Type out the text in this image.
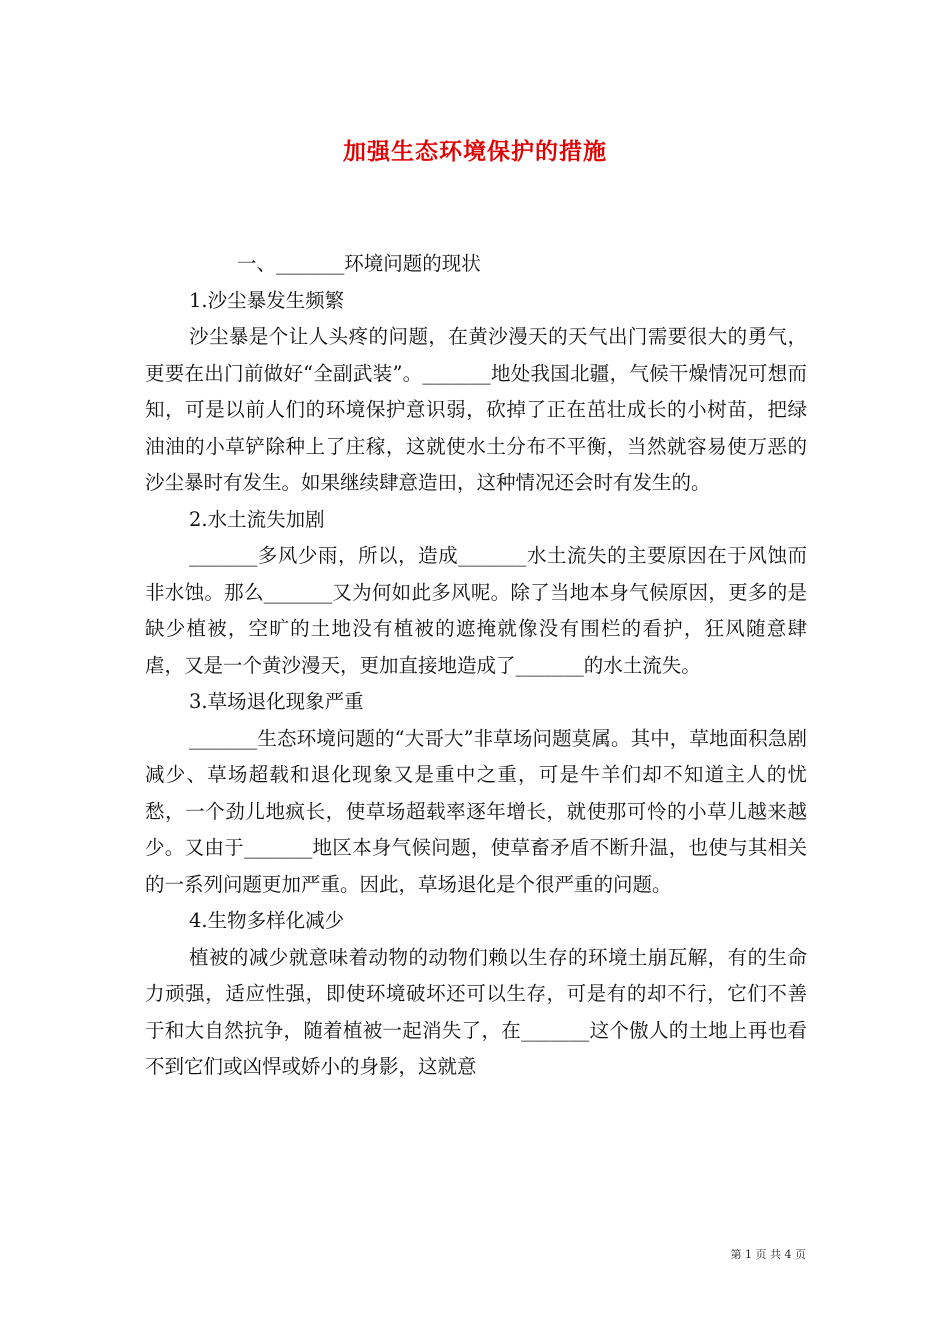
加强生态环境保护的措施

一、_______环境问题的现状

1.沙尘暴发生频繁

沙尘暴是个让人头疼的问题，在黄沙漫天的天气出门需要很大的勇气，更要在出门前做好“全副武装”。_______地处我国北疆，气候干燥情况可想而知，可是以前人们的环境保护意识弱，砍掉了正在茁壮成长的小树苗，把绿油油的小草铲除种上了庄稼，这就使水土分布不平衡，当然就容易使万恶的沙尘暴时有发生。如果继续肆意造田，这种情况还会时有发生的。

2.水土流失加剧

_______多风少雨，所以，造成_______水土流失的主要原因在于风蚀而非水蚀。那么_______又为何如此多风呢。除了当地本身气候原因，更多的是缺少植被，空旷的土地没有植被的遮掩就像没有围栏的看护，狂风随意肆虐，又是一个黄沙漫天，更加直接地造成了_______的水土流失。

3.草场退化现象严重

_______生态环境问题的“大哥大”非草场问题莫属。其中，草地面积急剧减少、草场超载和退化现象又是重中之重，可是牛羊们却不知道主人的忧愁，一个劲儿地疯长，使草场超载率逐年增长，就使那可怜的小草儿越来越少。又由于_______地区本身气候问题，使草畜矛盾不断升温，也使与其相关的一系列问题更加严重。因此，草场退化是个很严重的问题。

4.生物多样化减少

植被的减少就意味着动物的动物们赖以生存的环境土崩瓦解，有的生命力顽强，适应性强，即使环境破坏还可以生存，可是有的却不行，它们不善于和大自然抗争，随着植被一起消失了，在_______这个傲人的土地上再也看不到它们或凶悍或娇小的身影，这就意

第 1 页 共 4 页
